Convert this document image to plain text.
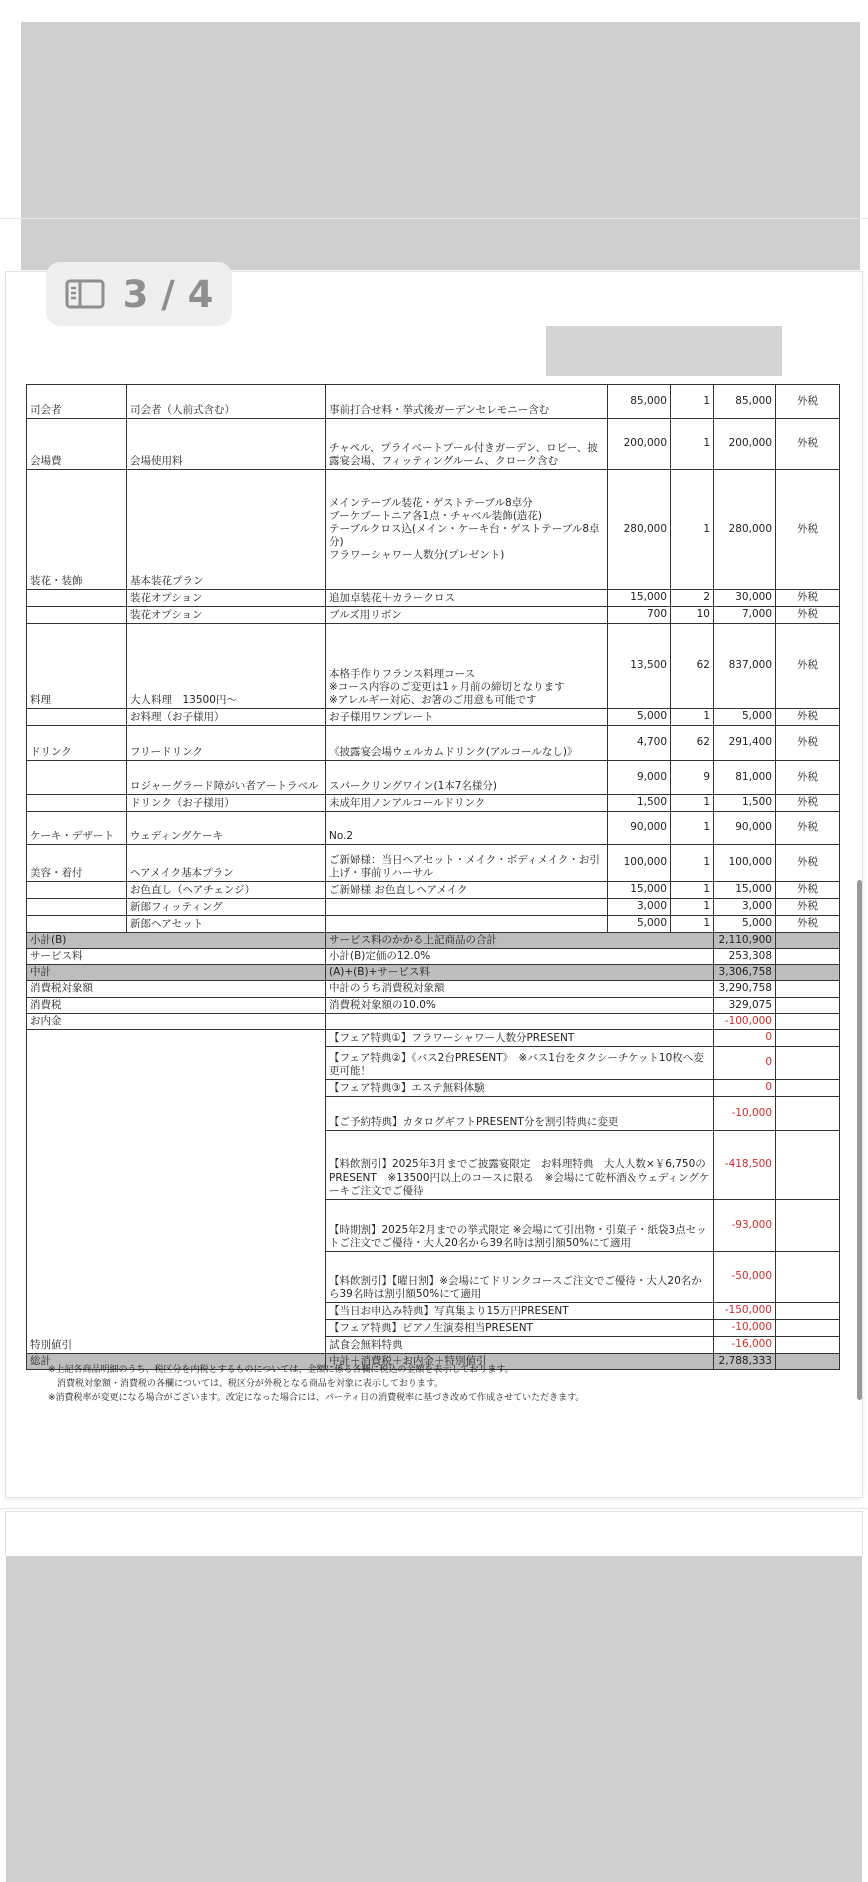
3 / 4
司会者	司会者（人前式含む）	事前打合せ料・挙式後ガーデンセレモニー含む	85,000	1	85,000	外税
会場費	会場使用料	チャペル、プライベートプール付きガーデン、ロビー、披露宴会場、フィッティングルーム、クローク含む	200,000	1	200,000	外税
装花・装飾	基本装花プラン	メインテーブル装花・ゲストテーブル8卓分
ブーケブートニア各1点・チャベル装飾(造花)
テーブルクロス込(メイン・ケーキ台・ゲストテーブル8卓分)
フラワーシャワー人数分(プレゼント)	280,000	1	280,000	外税
	装花オプション	追加卓装花＋カラークロス	15,000	2	30,000	外税
	装花オプション	ブルズ用リボン	700	10	7,000	外税
料理	大人料理　13500円〜	本格手作りフランス料理コース
※コース内容のご変更は1ヶ月前の締切となります
※アレルギー対応、お箸のご用意も可能です	13,500	62	837,000	外税
	お料理（お子様用）	お子様用ワンプレート	5,000	1	5,000	外税
ドリンク	フリードリンク	《披露宴会場ウェルカムドリンク(アルコールなし)》	4,700	62	291,400	外税
	ロジャーグラード障がい者アートラベル	スパークリングワイン(1本7名様分)	9,000	9	81,000	外税
	ドリンク（お子様用）	未成年用ノンアルコールドリンク	1,500	1	1,500	外税
ケーキ・デザート	ウェディングケーキ	No.2	90,000	1	90,000	外税
美容・着付	ヘアメイク基本プラン	ご新婦様：当日ヘアセット・メイク・ボディメイク・お引上げ・事前リハーサル	100,000	1	100,000	外税
	お色直し（ヘアチェンジ）	ご新婦様 お色直しヘアメイク	15,000	1	15,000	外税
	新郎フィッティング		3,000	1	3,000	外税
	新郎ヘアセット		5,000	1	5,000	外税
小計(B)		サービス料のかかる上記商品の合計			2,110,900	
サービス料		小計(B)定価の12.0%			253,308	
中計		(A)+(B)+サービス料			3,306,758	
消費税対象額		中計のうち消費税対象額			3,290,758	
消費税		消費税対象額の10.0%			329,075	
お内金					-100,000	
特別値引		【フェア特典①】フラワーシャワー人数分PRESENT			0	
		【フェア特典②】《バス2台PRESENT》　※バス1台をタクシーチケット10枚へ変更可能！			0	
		【フェア特典③】エステ無料体験			0	
		【ご予約特典】カタログギフトPRESENT分を割引特典に変更			-10,000	
		【料飲割引】2025年3月までご披露宴限定　お料理特典　大人人数×￥6,750のPRESENT　※13500円以上のコースに限る　※会場にて乾杯酒＆ウェディングケーキご注文でご優待			-418,500	
		【時期割】2025年2月までの挙式限定 ※会場にて引出物・引菓子・紙袋3点セットご注文でご優待・大人20名から39名時は割引額50%にて適用			-93,000	
		【料飲割引】【曜日割】※会場にてドリンクコースご注文でご優待・大人20名から39名時は割引額50%にて適用			-50,000	
		【当日お申込み特典】写真集より15万円PRESENT			-150,000	
		【フェア特典】ピアノ生演奏相当PRESENT			-10,000	
		試食会無料特典			-16,000	
総計		中計＋消費税＋お内金＋特別値引			2,788,333	
※上記各商品明細のうち、税区分を内税とするものについては、金額に係る各欄に税込の金額を表示しております。
　消費税対象額・消費税の各欄については、税区分が外税となる商品を対象に表示しております。
※消費税率が変更になる場合がございます。改定になった場合には、パーティ日の消費税率に基づき改めて作成させていただきます。
